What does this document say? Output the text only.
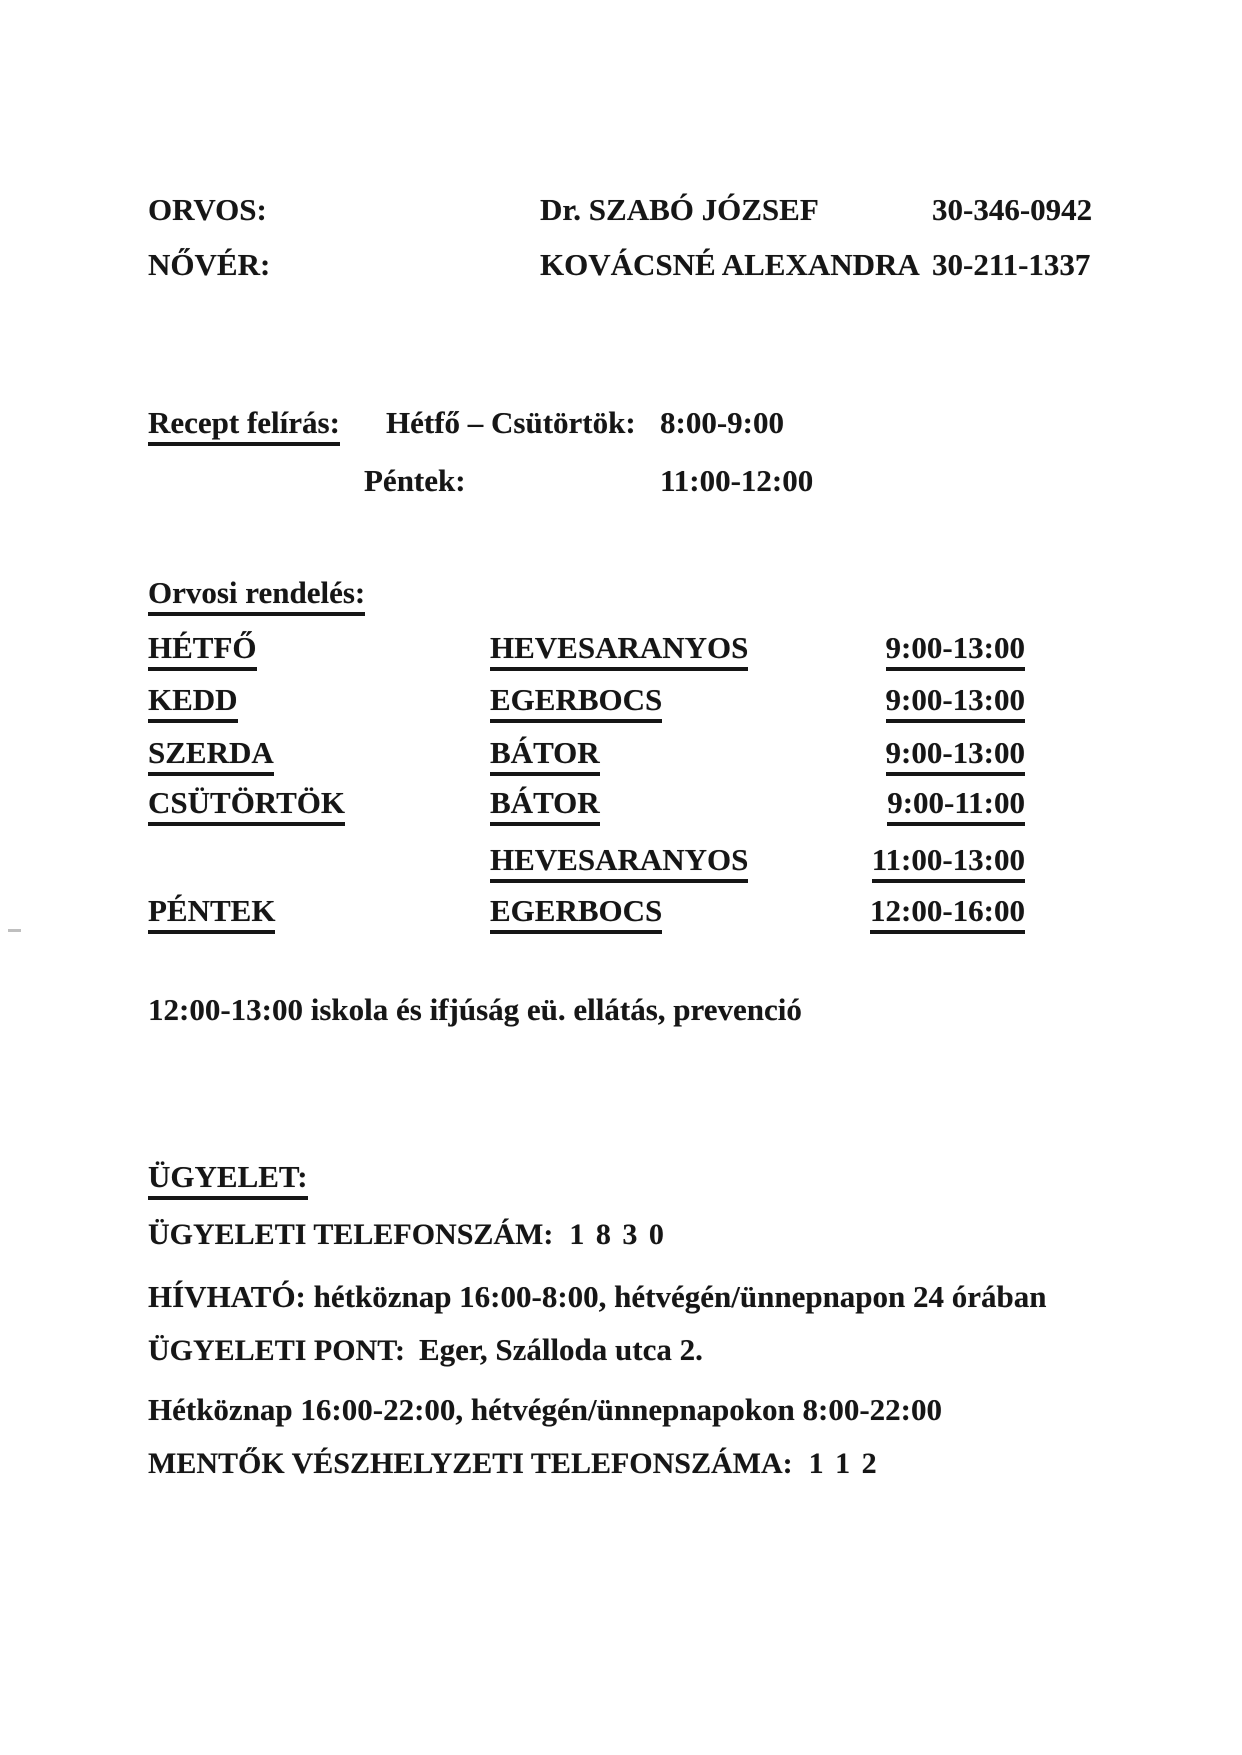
ORVOS:	Dr. SZABÓ JÓZSEF	30-346-0942
NŐVÉR:	KOVÁCSNÉ ALEXANDRA 30-211-1337
Recept felírás: Hétfő – Csütörtök: 8:00-9:00
Péntek:	11:00-12:00
Orvosi rendelés:
HÉTFŐ	HEVESARANYOS	9:00-13:00
KEDD	EGERBOCS	9:00-13:00
SZERDA	BÁTOR	9:00-13:00
CSÜTÖRTÖK	BÁTOR	9:00-11:00
HEVESARANYOS	11:00-13:00
PÉNTEK	EGERBOCS	12:00-16:00
12:00-13:00 iskola és ifjúság eü. ellátás, prevenció
ÜGYELET:
ÜGYELETI TELEFONSZÁM: 1 8 3 0
HÍVHATÓ: hétköznap 16:00-8:00, hétvégén/ünnepnapon 24 órában
ÜGYELETI PONT: Eger, Szálloda utca 2.
Hétköznap 16:00-22:00, hétvégén/ünnepnapokon 8:00-22:00
MENTŐK VÉSZHELYZETI TELEFONSZÁMA: 1 1 2
